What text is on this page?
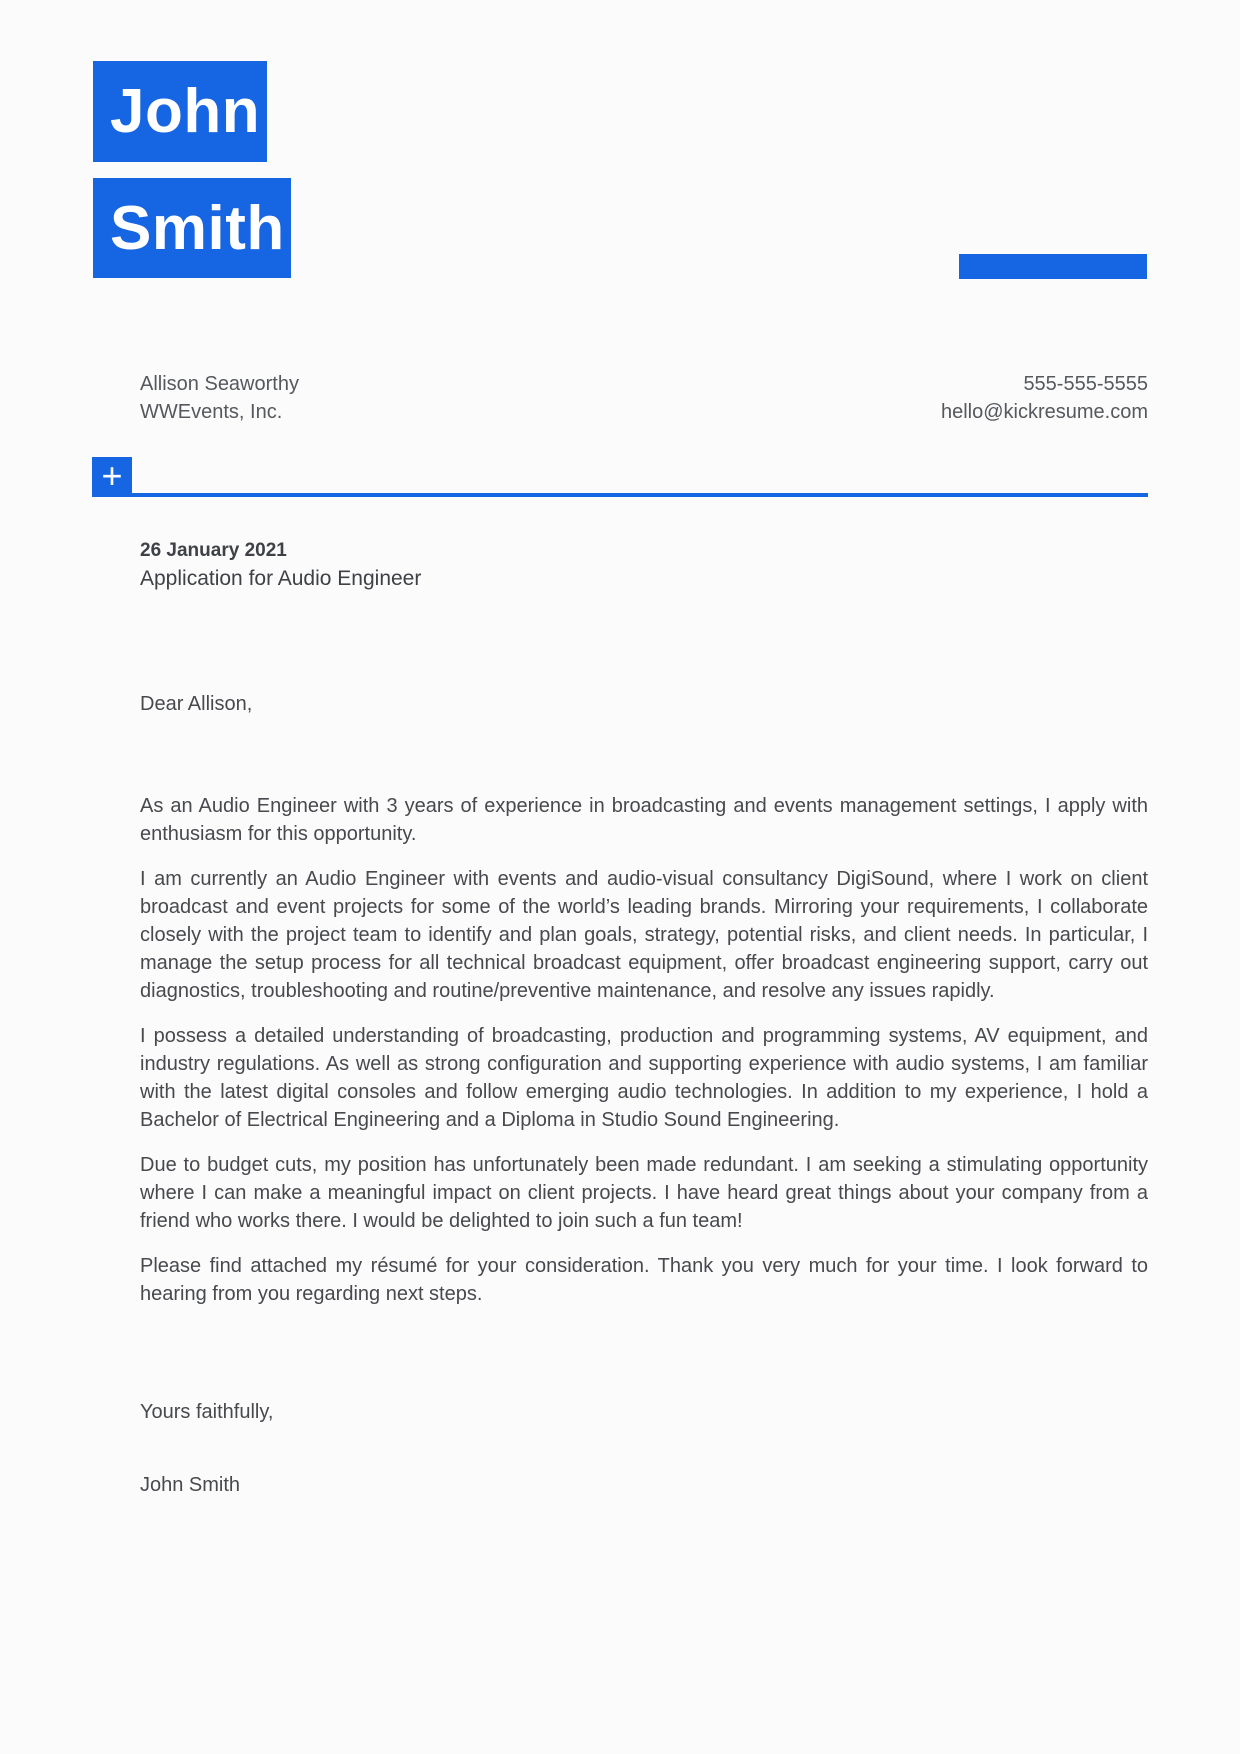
John
Smith
Allison Seaworthy
WWEvents, Inc.
555-555-5555
hello@kickresume.com
+
26 January 2021
Application for Audio Engineer
Dear Allison,

As an Audio Engineer with 3 years of experience in broadcasting and events management settings, I apply with enthusiasm for this opportunity.

I am currently an Audio Engineer with events and audio-visual consultancy DigiSound, where I work on client broadcast and event projects for some of the world’s leading brands. Mirroring your requirements, I collaborate closely with the project team to identify and plan goals, strategy, potential risks, and client needs. In particular, I manage the setup process for all technical broadcast equipment, offer broadcast engineering support, carry out diagnostics, troubleshooting and routine/preventive maintenance, and resolve any issues rapidly.

I possess a detailed understanding of broadcasting, production and programming systems, AV equipment, and industry regulations. As well as strong configuration and supporting experience with audio systems, I am familiar with the latest digital consoles and follow emerging audio technologies. In addition to my experience, I hold a Bachelor of Electrical Engineering and a Diploma in Studio Sound Engineering.

Due to budget cuts, my position has unfortunately been made redundant. I am seeking a stimulating opportunity where I can make a meaningful impact on client projects. I have heard great things about your company from a friend who works there. I would be delighted to join such a fun team!

Please find attached my résumé for your consideration. Thank you very much for your time. I look forward to hearing from you regarding next steps.

Yours faithfully,
John Smith
